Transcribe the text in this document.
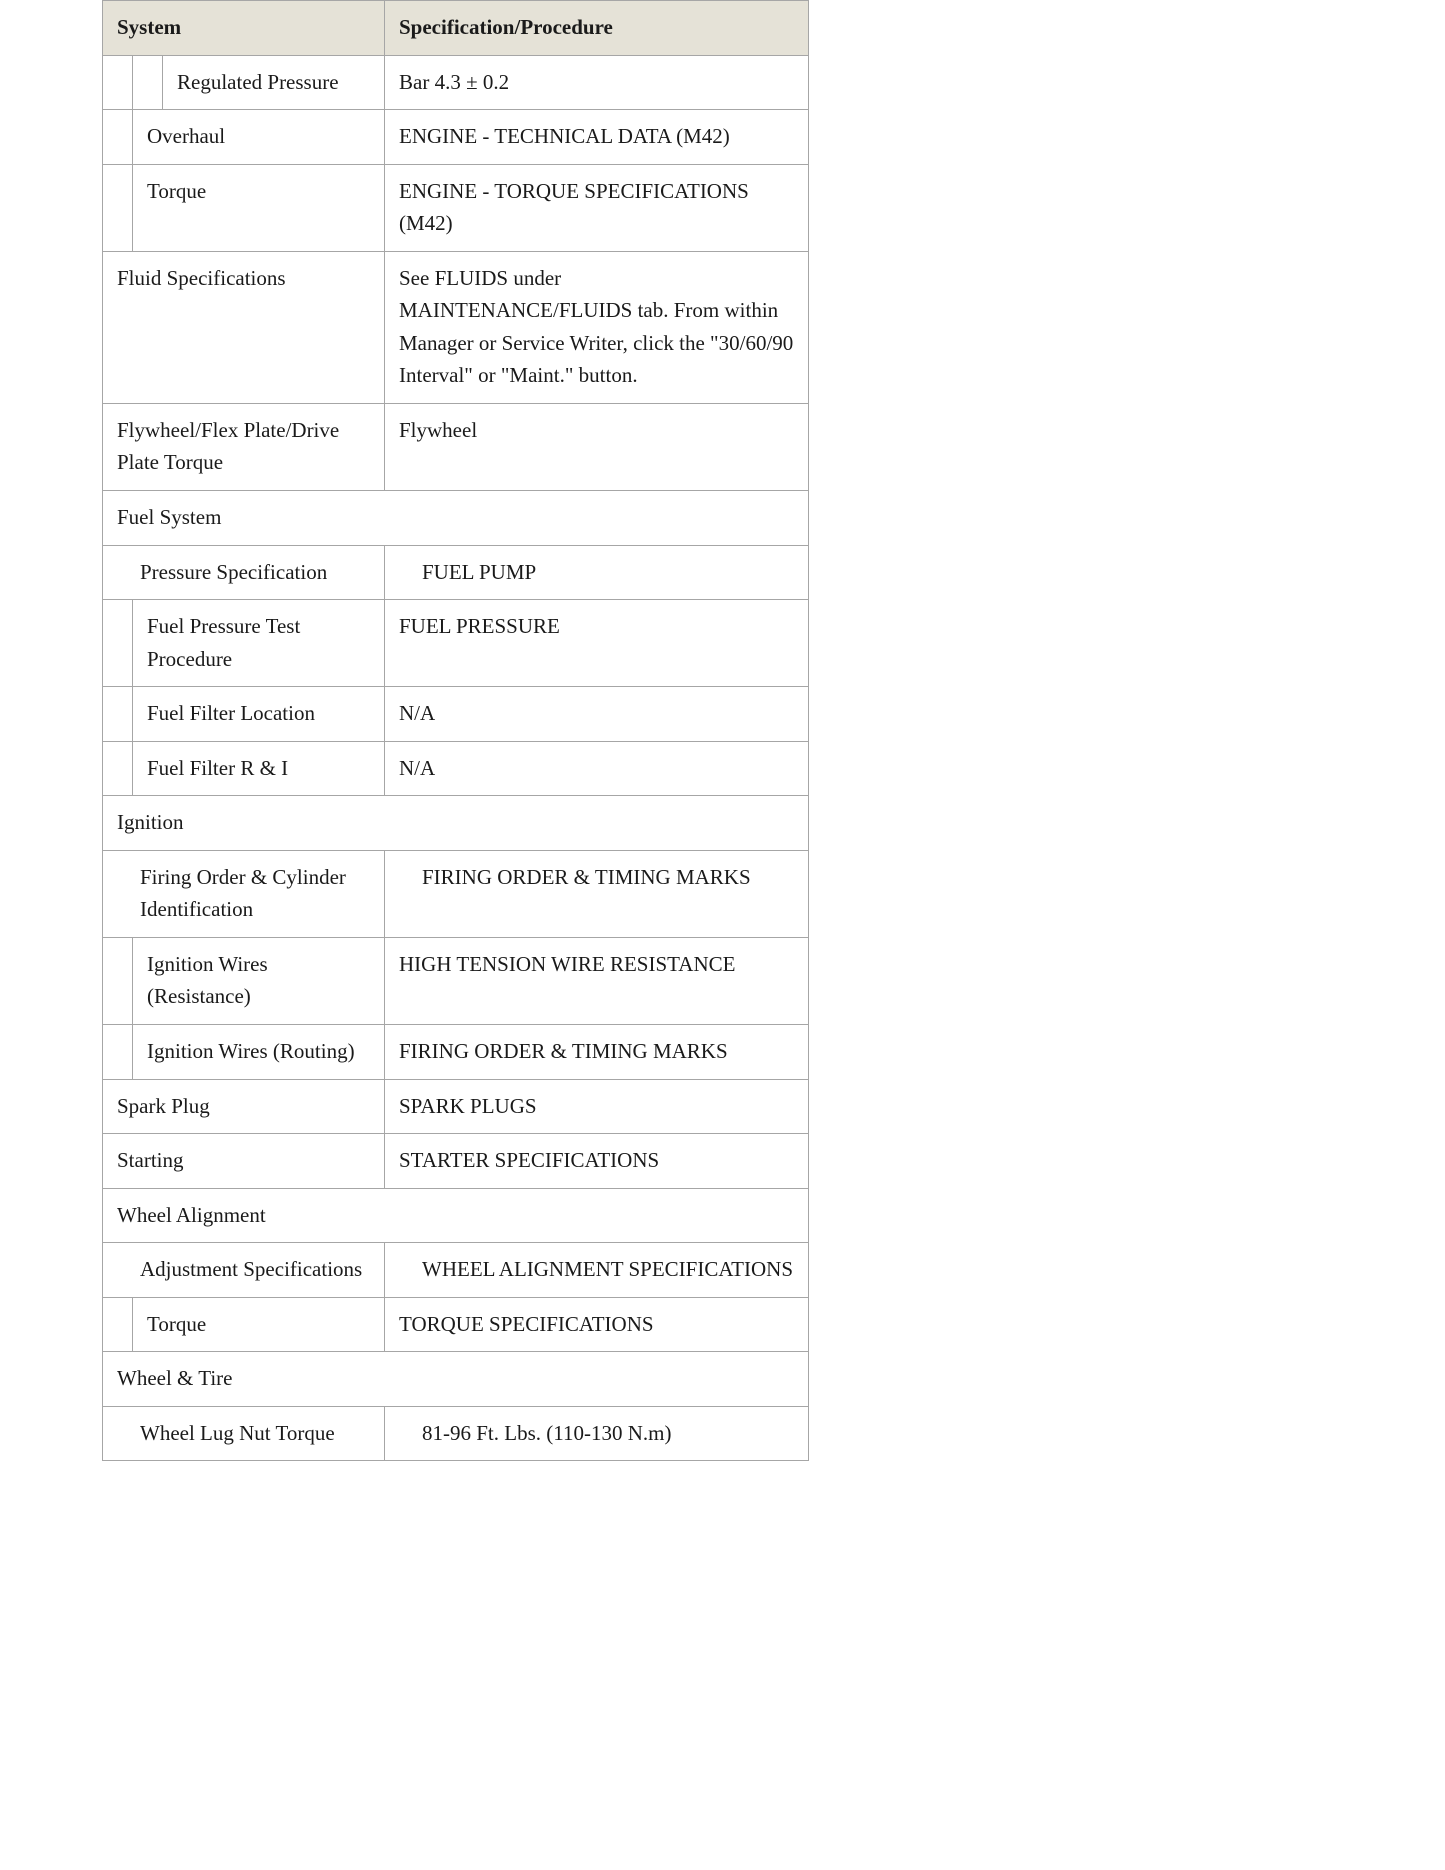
System	Specification/Procedure

Regulated Pressure	Bar 4.3 ± 0.2

Overhaul	ENGINE - TECHNICAL DATA (M42)

Torque	ENGINE - TORQUE SPECIFICATIONS (M42)
Fluid Specifications	See FLUIDS under MAINTENANCE/FLUIDS tab. From within Manager or Service Writer, click the "30/60/90 Interval" or "Maint." button.
Flywheel/Flex Plate/Drive Plate Torque	Flywheel
Fuel System	

Pressure Specification	FUEL PUMP

Fuel Pressure Test Procedure	FUEL PRESSURE

Fuel Filter Location	N/A

Fuel Filter R & I	N/A
Ignition	

Firing Order & Cylinder Identification	FIRING ORDER & TIMING MARKS

Ignition Wires (Resistance)	HIGH TENSION WIRE RESISTANCE

Ignition Wires (Routing)	FIRING ORDER & TIMING MARKS
Spark Plug	SPARK PLUGS
Starting	STARTER SPECIFICATIONS
Wheel Alignment	

Adjustment Specifications	WHEEL ALIGNMENT SPECIFICATIONS

Torque	TORQUE SPECIFICATIONS
Wheel & Tire	

Wheel Lug Nut Torque	81-96 Ft. Lbs. (110-130 N.m)
